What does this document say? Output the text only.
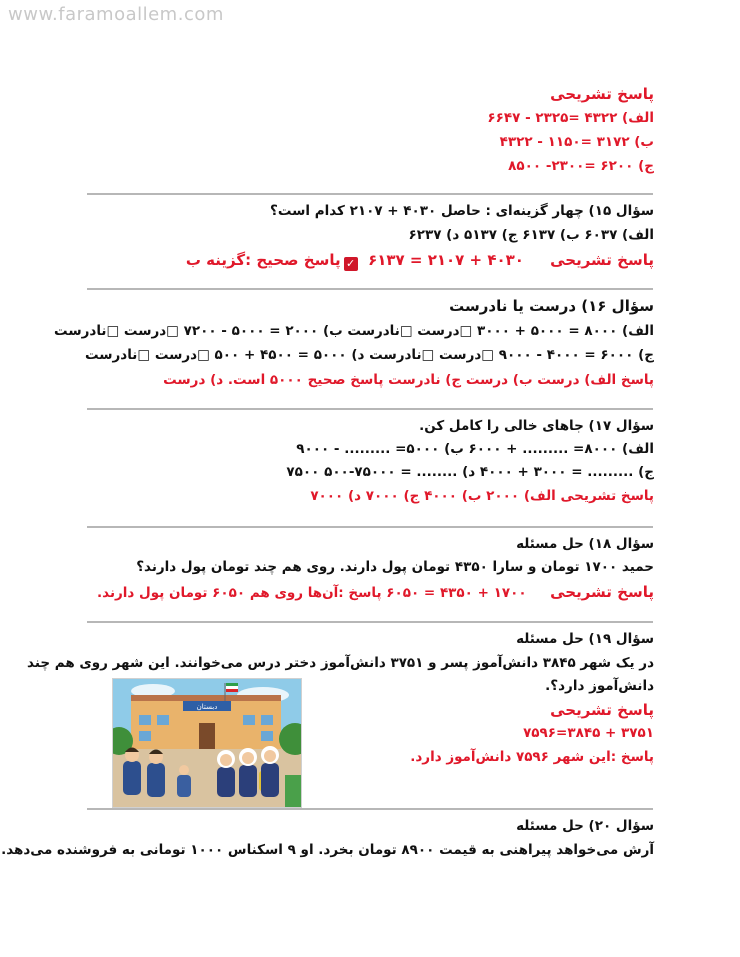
www.faramoallem.com
پاسخ تشریحی
الف) ۴۳۲۲ =۲۳۲۵ - ۶۶۴۷
ب) ۳۱۷۲ =۱۱۵۰ - ۴۳۲۲
ج) ۶۲۰۰ =۲۳۰۰- ۸۵۰۰
سؤال ۱۵) چهار گزینه‌ای : حاصل ۴۰۳۰ + ۲۱۰۷ کدام است؟
الف) ۶۰۳۷ ب) ۶۱۳۷ ج) ۵۱۳۷ د) ۶۲۳۷
پاسخ تشریحی     ۴۰۳۰ + ۲۱۰۷ = ۶۱۳۷  ✓پاسخ صحیح :گزینه ب
سؤال ۱۶) درست یا نادرست
الف) ۸۰۰۰ = ۵۰۰۰ + ۳۰۰۰ □درست □نادرست ب) ۲۰۰۰ = ۵۰۰۰ - ۷۲۰۰ □درست □نادرست
ج) ۶۰۰۰ = ۴۰۰۰ - ۹۰۰۰ □درست □نادرست د) ۵۰۰۰ = ۴۵۰۰ + ۵۰۰ □درست □نادرست
پاسخ الف) درست ب) درست ج) نادرست پاسخ صحیح ۵۰۰۰ است. د) درست
سؤال ۱۷) جاهای خالی را کامل کن.
الف) ۸۰۰۰= ......... + ۶۰۰۰ ب) ۵۰۰۰= ......... - ۹۰۰۰
ج) ......... = ۳۰۰۰ + ۴۰۰۰ د) ........ = ۷۵۰۰۰-۵۰۰ ۷۵۰۰
پاسخ تشریحی الف) ۲۰۰۰ ب) ۴۰۰۰ ج) ۷۰۰۰ د) ۷۰۰۰
سؤال ۱۸) حل مسئله
حمید ۱۷۰۰ تومان و سارا ۴۳۵۰ تومان پول دارند. روی هم چند تومان پول دارند؟
پاسخ تشریحی     ۱۷۰۰ + ۴۳۵۰ = ۶۰۵۰ پاسخ :آن‌ها روی هم ۶۰۵۰ تومان پول دارند.
سؤال ۱۹) حل مسئله
در یک شهر ۳۸۴۵ دانش‌آموز پسر و ۳۷۵۱ دانش‌آموز دختر درس می‌خوانند. این شهر روی هم چند
دانش‌آموز دارد؟.
پاسخ تشریحی
۳۷۵۱ + ۳۸۴۵=۷۵۹۶
پاسخ :این شهر ۷۵۹۶ دانش‌آموز دارد.
دبستان
سؤال ۲۰) حل مسئله
آرش می‌خواهد پیراهنی به قیمت ۸۹۰۰ تومان بخرد. او ۹ اسکناس ۱۰۰۰ تومانی به فروشنده می‌دهد.
